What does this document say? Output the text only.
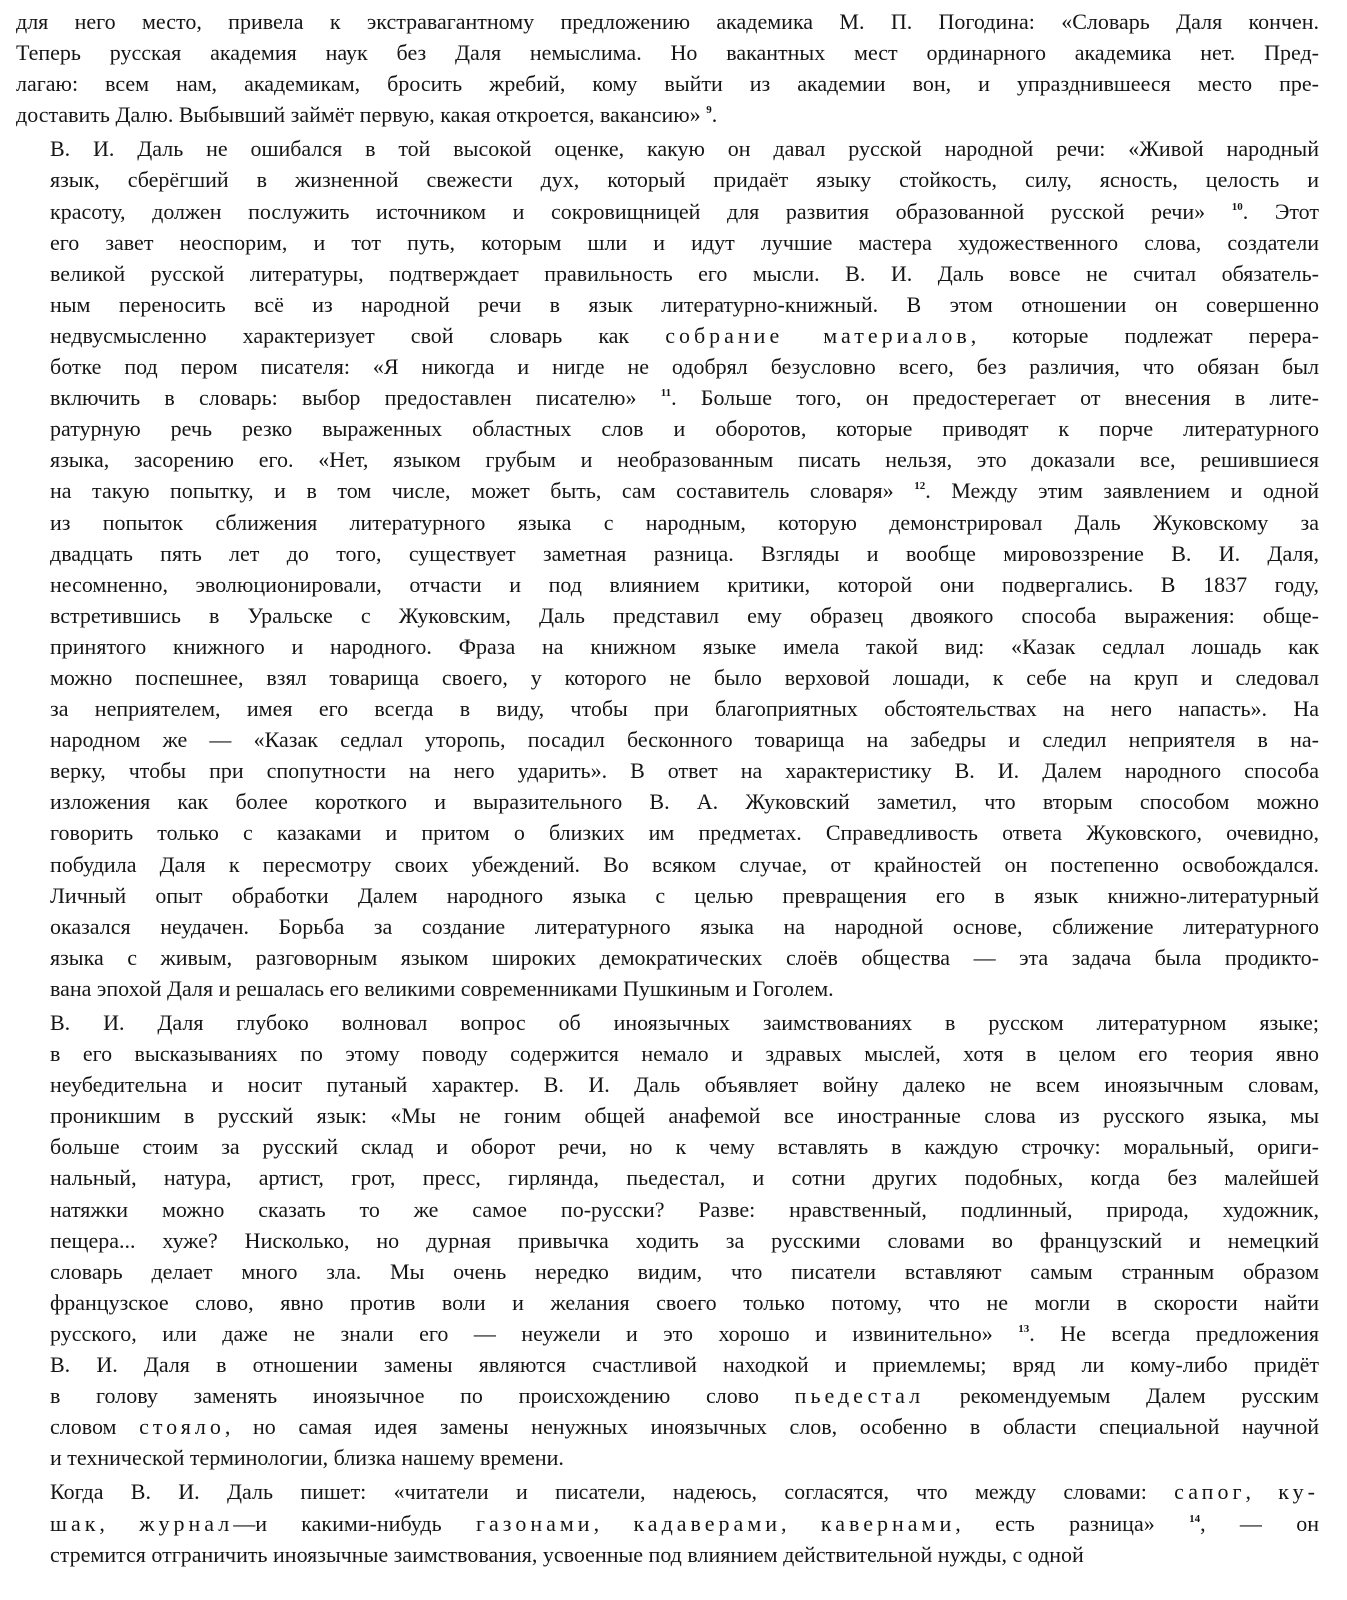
для него место, привела к экстравагантному предложению академика М. П. Погодина: «Словарь Даля кончен.
Теперь русская академия наук без Даля немыслима. Но вакантных мест ординарного академика нет. Пред-
лагаю: всем нам, академикам, бросить жребий, кому выйти из академии вон, и упразднившееся место пре-
доставить Далю. Выбывший займёт первую, какая откроется, вакансию» $^9$.
В. И. Даль не ошибался в той высокой оценке, какую он давал русской народной речи: «Живой народный
язык, сберёгший в жизненной свежести дух, который придаёт языку стойкость, силу, ясность, целость и
красоту, должен послужить источником и сокровищницей для развития образованной русской речи» $^{10}$. Этот
его завет неоспорим, и тот путь, которым шли и идут лучшие мастера художественного слова, создатели
великой русской литературы, подтверждает правильность его мысли. В. И. Даль вовсе не считал обязатель-
ным переносить всё из народной речи в язык литературно-книжный. В этом отношении он совершенно
недвусмысленно характеризует свой словарь как собрание материалов, которые подлежат перера-
ботке под пером писателя: «Я никогда и нигде не одобрял безусловно всего, без различия, что обязан был
включить в словарь: выбор предоставлен писателю» $^{11}$. Больше того, он предостерегает от внесения в лите-
ратурную речь резко выраженных областных слов и оборотов, которые приводят к порче литературного
языка, засорению его. «Нет, языком грубым и необразованным писать нельзя, это доказали все, решившиеся
на такую попытку, и в том числе, может быть, сам составитель словаря» $^{12}$. Между этим заявлением и одной
из попыток сближения литературного языка с народным, которую демонстрировал Даль Жуковскому за
двадцать пять лет до того, существует заметная разница. Взгляды и вообще мировоззрение В. И. Даля,
несомненно, эволюционировали, отчасти и под влиянием критики, которой они подвергались. В 1837 году,
встретившись в Уральске с Жуковским, Даль представил ему образец двоякого способа выражения: обще-
принятого книжного и народного. Фраза на книжном языке имела такой вид: «Казак седлал лошадь как
можно поспешнее, взял товарища своего, у которого не было верховой лошади, к себе на круп и следовал
за неприятелем, имея его всегда в виду, чтобы при благоприятных обстоятельствах на него напасть». На
народном же — «Казак седлал уторопь, посадил бесконного товарища на забедры и следил неприятеля в на-
верку, чтобы при спопутности на него ударить». В ответ на характеристику В. И. Далем народного способа
изложения как более короткого и выразительного В. А. Жуковский заметил, что вторым способом можно
говорить только с казаками и притом о близких им предметах. Справедливость ответа Жуковского, очевидно,
побудила Даля к пересмотру своих убеждений. Во всяком случае, от крайностей он постепенно освобождался.
Личный опыт обработки Далем народного языка с целью превращения его в язык книжно-литературный
оказался неудачен. Борьба за создание литературного языка на народной основе, сближение литературного
языка с живым, разговорным языком широких демократических слоёв общества — эта задача была продикто-
вана эпохой Даля и решалась его великими современниками Пушкиным и Гоголем.
В. И. Даля глубоко волновал вопрос об иноязычных заимствованиях в русском литературном языке;
в его высказываниях по этому поводу содержится немало и здравых мыслей, хотя в целом его теория явно
неубедительна и носит путаный характер. В. И. Даль объявляет войну далеко не всем иноязычным словам,
проникшим в русский язык: «Мы не гоним общей анафемой все иностранные слова из русского языка, мы
больше стоим за русский склад и оборот речи, но к чему вставлять в каждую строчку: моральный, ориги-
нальный, натура, артист, грот, пресс, гирлянда, пьедестал, и сотни других подобных, когда без малейшей
натяжки можно сказать то же самое по-русски? Разве: нравственный, подлинный, природа, художник,
пещера... хуже? Нисколько, но дурная привычка ходить за русскими словами во французский и немецкий
словарь делает много зла. Мы очень нередко видим, что писатели вставляют самым странным образом
французское слово, явно против воли и желания своего только потому, что не могли в скорости найти
русского, или даже не знали его — неужели и это хорошо и извинительно» $^{13}$. Не всегда предложения
В. И. Даля в отношении замены являются счастливой находкой и приемлемы; вряд ли кому-либо придёт
в голову заменять иноязычное по происхождению слово пьедестал рекомендуемым Далем русским
словом стояло, но самая идея замены ненужных иноязычных слов, особенно в области специальной научной
и технической терминологии, близка нашему времени.
Когда В. И. Даль пишет: «читатели и писатели, надеюсь, согласятся, что между словами: сапог, ку-
шак, журнал—и какими-нибудь газонами, кадаверами, кавернами, есть разница» $^{14}$, — он
стремится отграничить иноязычные заимствования, усвоенные под влиянием действительной нужды, с одной
